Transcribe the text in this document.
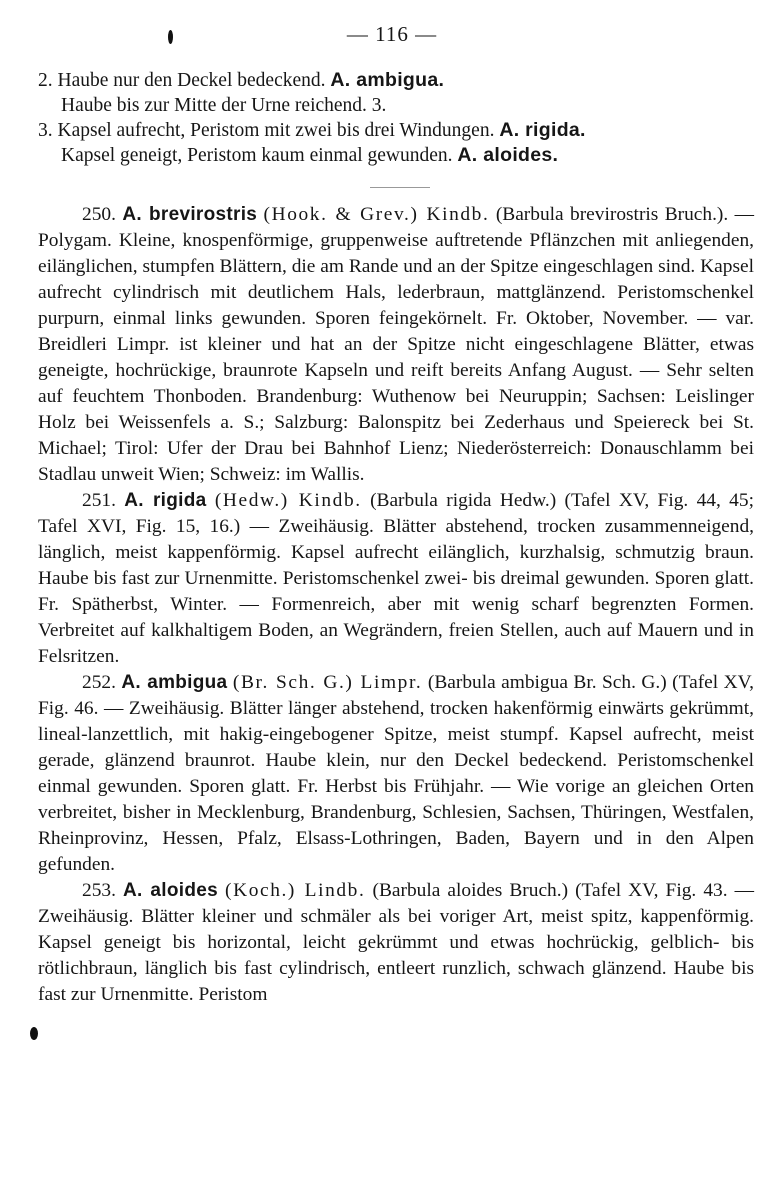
— 116 —
2. Haube nur den Deckel bedeckend. A. ambigua.
Haube bis zur Mitte der Urne reichend. 3.
3. Kapsel aufrecht, Peristom mit zwei bis drei Windungen. A. rigida.
Kapsel geneigt, Peristom kaum einmal gewunden. A. aloides.

250. A. brevirostris (Hook. & Grev.) Kindb. (Barbula brevirostris Bruch.). — Polygam. Kleine, knospenförmige, gruppenweise auftretende Pflänzchen mit anliegenden, eilänglichen, stumpfen Blättern, die am Rande und an der Spitze eingeschlagen sind. Kapsel aufrecht cylindrisch mit deutlichem Hals, lederbraun, mattglänzend. Peristomschenkel purpurn, einmal links gewunden. Sporen feingekörnelt. Fr. Oktober, November. — var. Breidleri Limpr. ist kleiner und hat an der Spitze nicht eingeschlagene Blätter, etwas geneigte, hochrückige, braunrote Kapseln und reift bereits Anfang August. — Sehr selten auf feuchtem Thonboden. Brandenburg: Wuthenow bei Neuruppin; Sachsen: Leislinger Holz bei Weissenfels a. S.; Salzburg: Balonspitz bei Zederhaus und Speiereck bei St. Michael; Tirol: Ufer der Drau bei Bahnhof Lienz; Niederösterreich: Donauschlamm bei Stadlau unweit Wien; Schweiz: im Wallis.

251. A. rigida (Hedw.) Kindb. (Barbula rigida Hedw.) (Tafel XV, Fig. 44, 45; Tafel XVI, Fig. 15, 16.) — Zweihäusig. Blätter abstehend, trocken zusammenneigend, länglich, meist kappenförmig. Kapsel aufrecht eilänglich, kurzhalsig, schmutzig braun. Haube bis fast zur Urnenmitte. Peristomschenkel zwei- bis dreimal gewunden. Sporen glatt. Fr. Spätherbst, Winter. — Formenreich, aber mit wenig scharf begrenzten Formen. Verbreitet auf kalkhaltigem Boden, an Wegrändern, freien Stellen, auch auf Mauern und in Felsritzen.

252. A. ambigua (Br. Sch. G.) Limpr. (Barbula ambigua Br. Sch. G.) (Tafel XV, Fig. 46. — Zweihäusig. Blätter länger abstehend, trocken hakenförmig einwärts gekrümmt, lineal-lanzettlich, mit hakig-eingebogener Spitze, meist stumpf. Kapsel aufrecht, meist gerade, glänzend braunrot. Haube klein, nur den Deckel bedeckend. Peristomschenkel einmal gewunden. Sporen glatt. Fr. Herbst bis Frühjahr. — Wie vorige an gleichen Orten verbreitet, bisher in Mecklenburg, Brandenburg, Schlesien, Sachsen, Thüringen, Westfalen, Rheinprovinz, Hessen, Pfalz, Elsass-Lothringen, Baden, Bayern und in den Alpen gefunden.

253. A. aloides (Koch.) Lindb. (Barbula aloides Bruch.) (Tafel XV, Fig. 43. — Zweihäusig. Blätter kleiner und schmäler als bei voriger Art, meist spitz, kappenförmig. Kapsel geneigt bis horizontal, leicht gekrümmt und etwas hochrückig, gelblich- bis rötlichbraun, länglich bis fast cylindrisch, entleert runzlich, schwach glänzend. Haube bis fast zur Urnenmitte. Peristom
